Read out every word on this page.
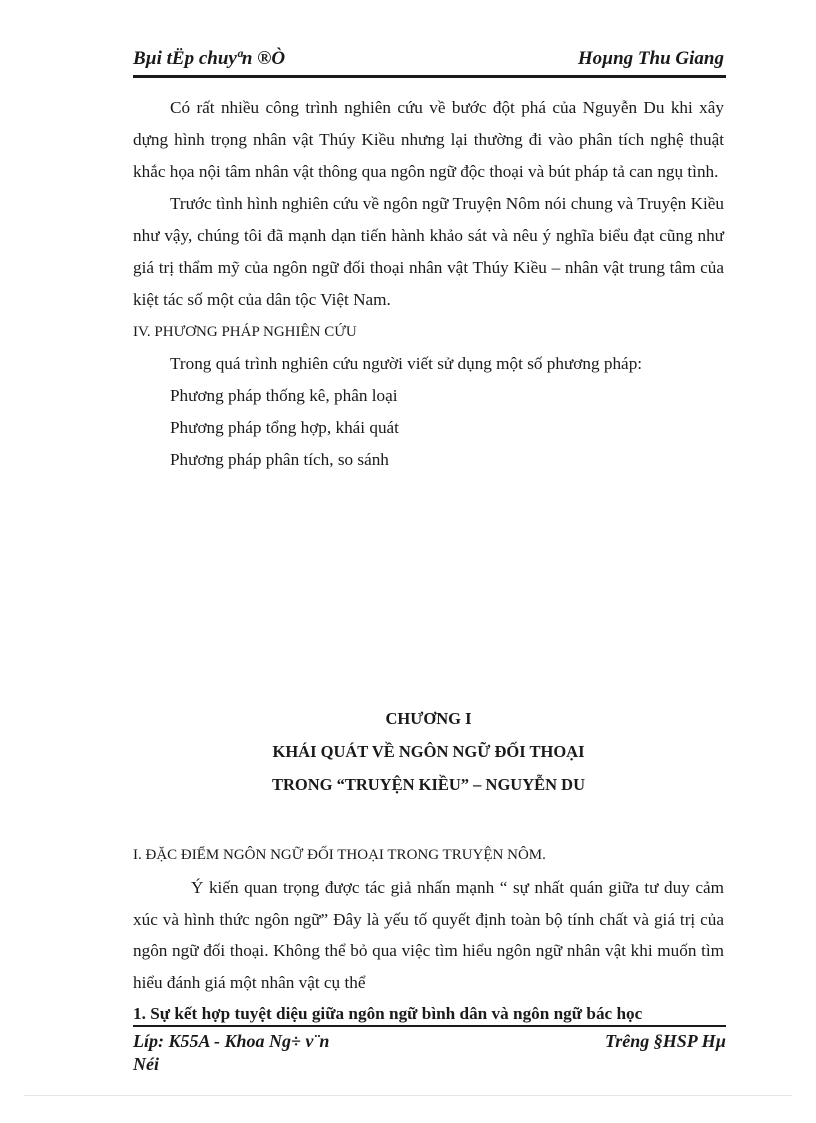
Bµi tËp chuyªn ®Ò	Hoµng Thu Giang

Có rất nhiều công trình nghiên cứu về bước đột phá của Nguyễn Du khi xây dựng hình trọng nhân vật Thúy Kiều nhưng lại thường đi vào phân tích nghệ thuật khắc họa nội tâm nhân vật thông qua ngôn ngữ độc thoại và bút pháp tả can ngụ tình.

Trước tình hình nghiên cứu về ngôn ngữ Truyện Nôm nói chung và Truyện Kiều như vậy, chúng tôi đã mạnh dạn tiến hành khảo sát và nêu ý nghĩa biểu đạt cũng như giá trị thẩm mỹ của ngôn ngữ đối thoại nhân vật Thúy Kiều – nhân vật trung tâm của kiệt tác số một của dân tộc Việt Nam.

IV. PHƯƠNG PHÁP NGHIÊN CỨU

Trong quá trình nghiên cứu người viết sử dụng một số phương pháp:

Phương pháp thống kê, phân loại

Phương pháp tổng hợp, khái quát

Phương pháp phân tích, so sánh

CHƯƠNG I
KHÁI QUÁT VỀ NGÔN NGỮ ĐỐI THOẠI
TRONG “TRUYỆN KIỀU” – NGUYỄN DU

I. ĐẶC ĐIỂM NGÔN NGỮ ĐỐI THOẠI TRONG TRUYỆN NÔM.

Ý kiến quan trọng được tác giả nhấn mạnh “ sự nhất quán giữa tư duy cảm xúc và hình thức ngôn ngữ” Đây là yếu tố quyết định toàn bộ tính chất và giá trị của ngôn ngữ đối thoại. Không thể bỏ qua việc tìm hiểu ngôn ngữ nhân vật khi muốn tìm hiểu đánh giá một nhân vật cụ thể

1. Sự kết hợp tuyệt diệu giữa ngôn ngữ bình dân và ngôn ngữ bác học

Líp: K55A - Khoa Ng÷ v¨n
Néi
Trêng §HSP Hµ
